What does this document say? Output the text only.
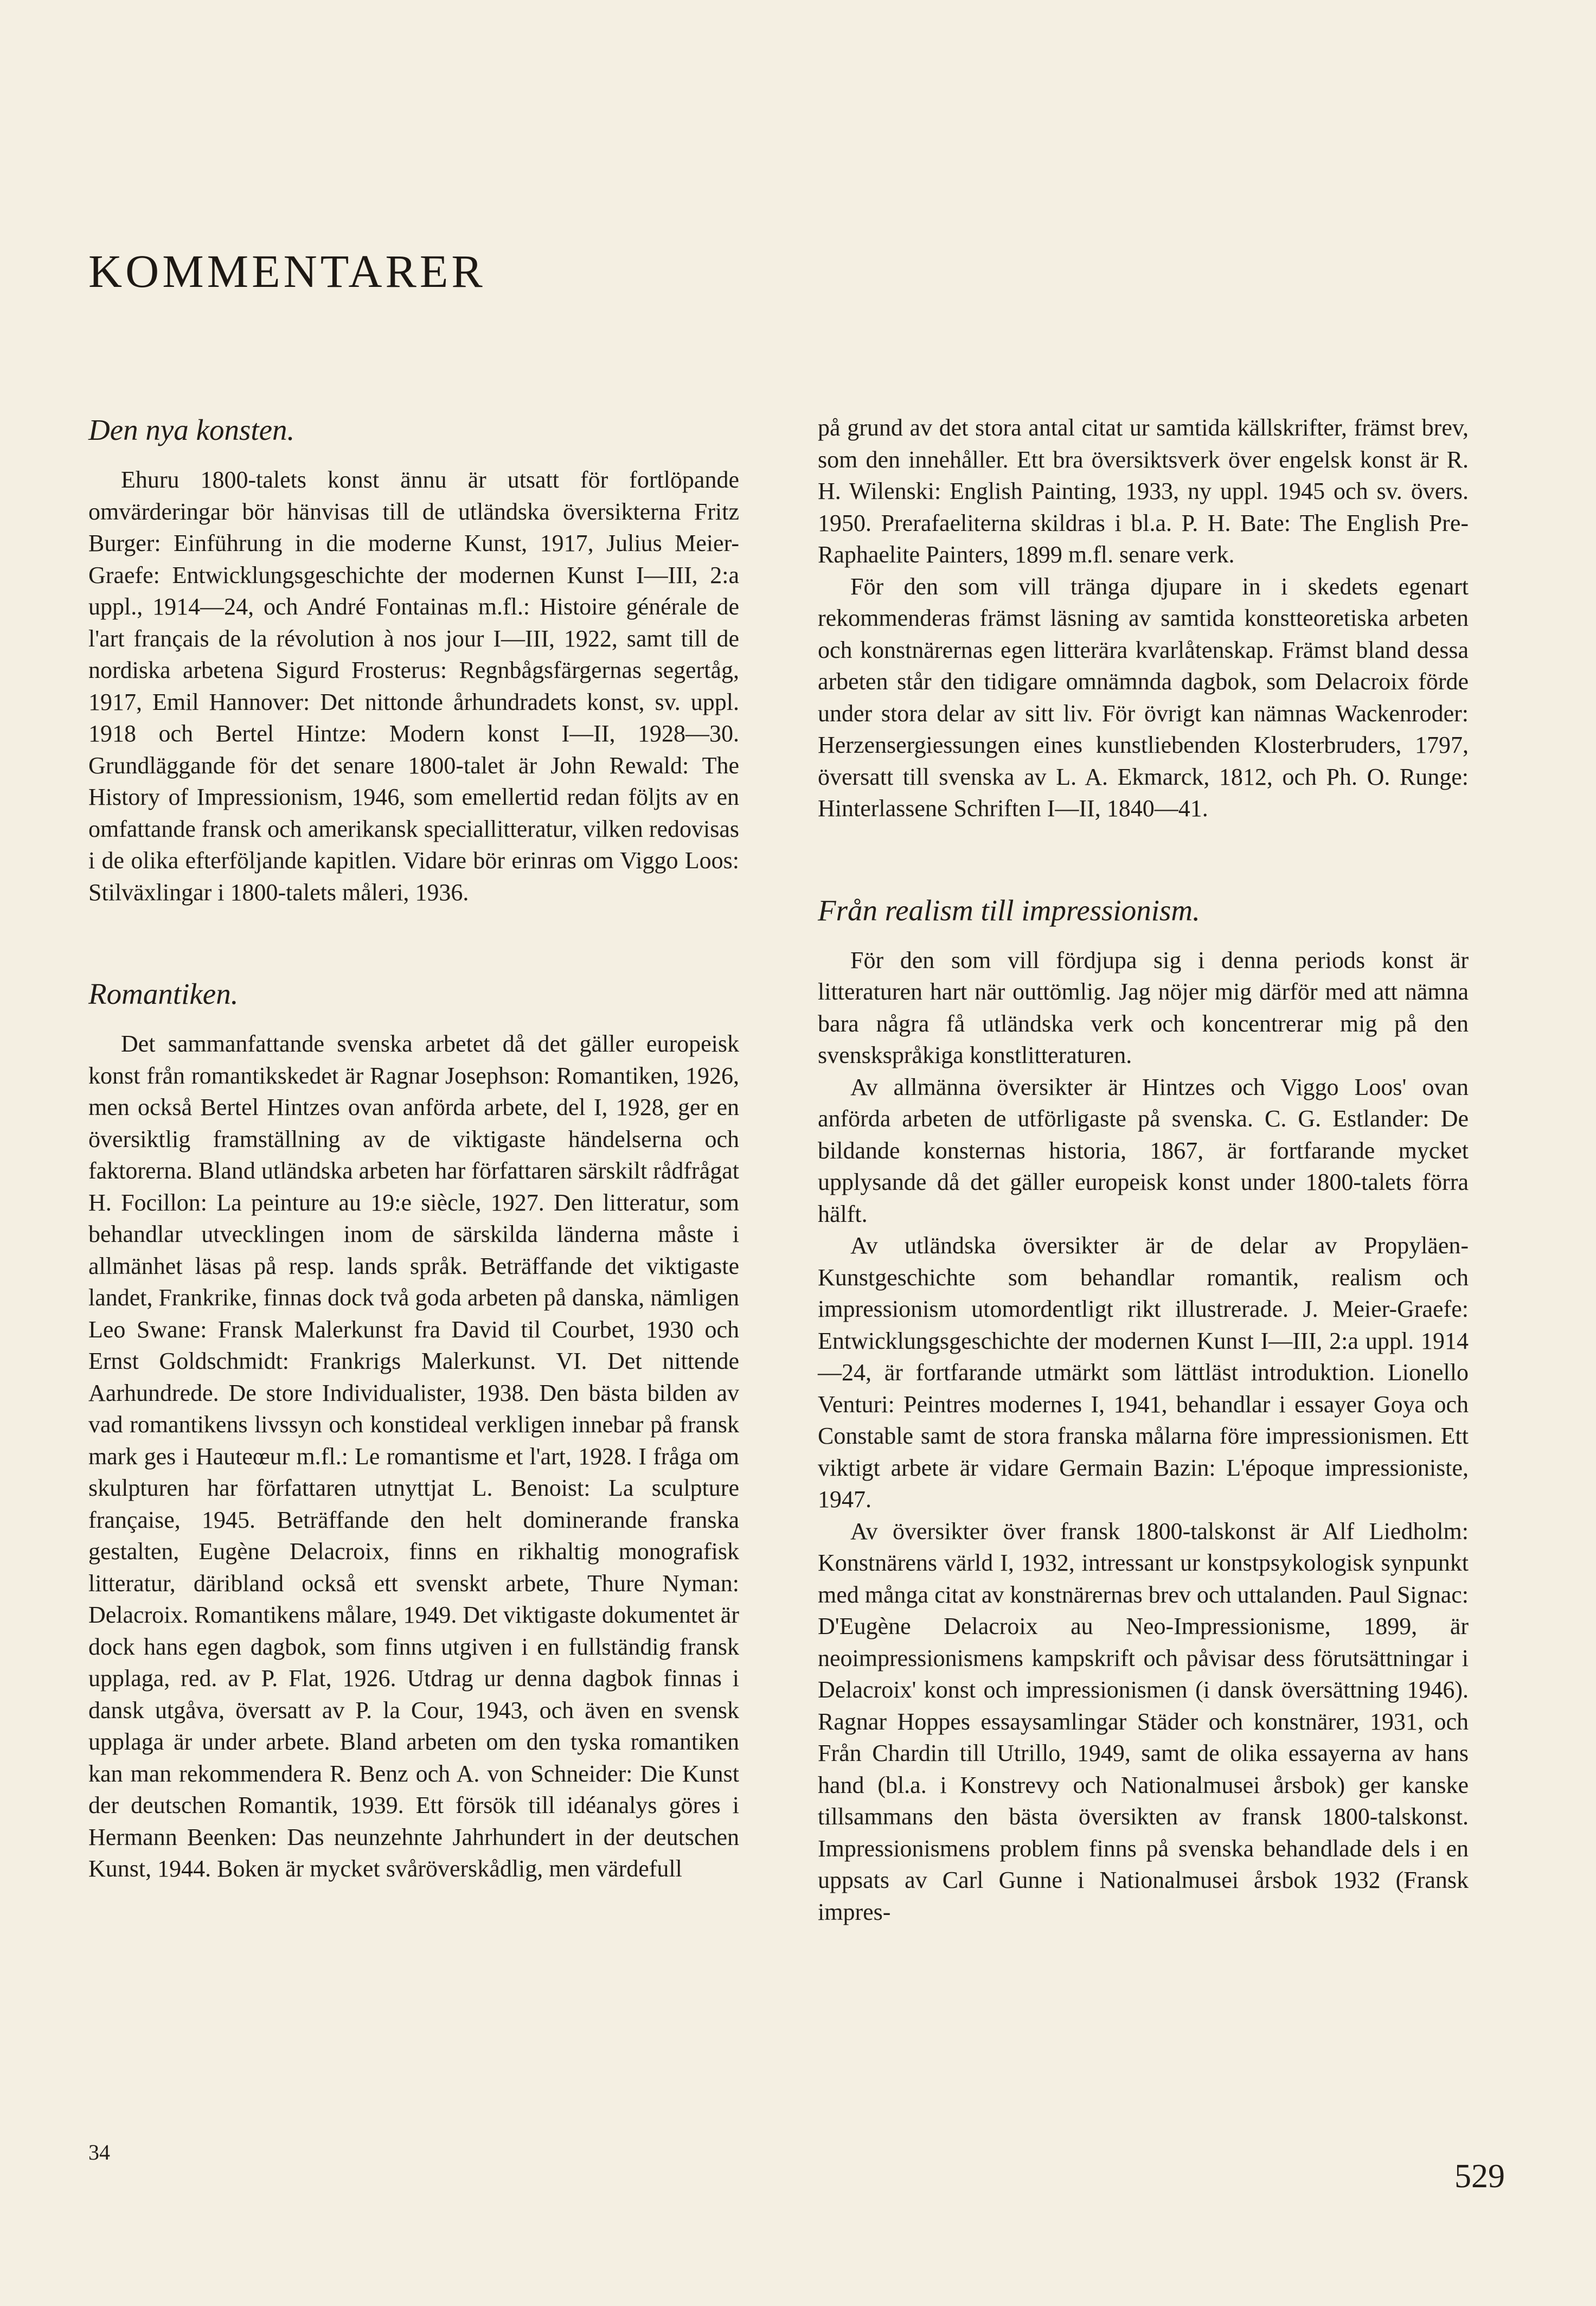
KOMMENTARER
Den nya konsten.

Ehuru 1800-talets konst ännu är utsatt för fortlöpande omvärderingar bör hänvisas till de utländska översikterna Fritz Burger: Einführung in die moderne Kunst, 1917, Julius Meier-Graefe: Entwicklungsgeschichte der modernen Kunst I—III, 2:a uppl., 1914—24, och André Fontainas m.fl.: Histoire générale de l'art français de la révolution à nos jour I—III, 1922, samt till de nordiska arbetena Sigurd Frosterus: Regnbågsfärgernas segertåg, 1917, Emil Hannover: Det nittonde århundradets konst, sv. uppl. 1918 och Bertel Hintze: Modern konst I—II, 1928—30. Grundläggande för det senare 1800-talet är John Rewald: The History of Impressionism, 1946, som emellertid redan följts av en omfattande fransk och amerikansk speciallitteratur, vilken redovisas i de olika efterföljande kapitlen. Vidare bör erinras om Viggo Loos: Stilväxlingar i 1800-talets måleri, 1936.

Romantiken.

Det sammanfattande svenska arbetet då det gäller europeisk konst från romantikskedet är Ragnar Josephson: Romantiken, 1926, men också Bertel Hintzes ovan anförda arbete, del I, 1928, ger en översiktlig framställning av de viktigaste händelserna och faktorerna. Bland utländska arbeten har författaren särskilt rådfrågat H. Focillon: La peinture au 19:e siècle, 1927. Den litteratur, som behandlar utvecklingen inom de särskilda länderna måste i allmänhet läsas på resp. lands språk. Beträffande det viktigaste landet, Frankrike, finnas dock två goda arbeten på danska, nämligen Leo Swane: Fransk Malerkunst fra David til Courbet, 1930 och Ernst Goldschmidt: Frankrigs Malerkunst. VI. Det nittende Aarhundrede. De store Individualister, 1938. Den bästa bilden av vad romantikens livssyn och konstideal verkligen innebar på fransk mark ges i Hauteœur m.fl.: Le romantisme et l'art, 1928. I fråga om skulpturen har författaren utnyttjat L. Benoist: La sculpture française, 1945. Beträffande den helt dominerande franska gestalten, Eugène Delacroix, finns en rikhaltig monografisk litteratur, däribland också ett svenskt arbete, Thure Nyman: Delacroix. Romantikens målare, 1949. Det viktigaste dokumentet är dock hans egen dagbok, som finns utgiven i en fullständig fransk upplaga, red. av P. Flat, 1926. Utdrag ur denna dagbok finnas i dansk utgåva, översatt av P. la Cour, 1943, och även en svensk upplaga är under arbete. Bland arbeten om den tyska romantiken kan man rekommendera R. Benz och A. von Schneider: Die Kunst der deutschen Romantik, 1939. Ett försök till idéanalys göres i Hermann Beenken: Das neunzehnte Jahrhundert in der deutschen Kunst, 1944. Boken är mycket svåröverskådlig, men värdefull

på grund av det stora antal citat ur samtida källskrifter, främst brev, som den innehåller. Ett bra översiktsverk över engelsk konst är R. H. Wilenski: English Painting, 1933, ny uppl. 1945 och sv. övers. 1950. Prerafaeliterna skildras i bl.a. P. H. Bate: The English Pre-Raphaelite Painters, 1899 m.fl. senare verk.

För den som vill tränga djupare in i skedets egenart rekommenderas främst läsning av samtida konstteoretiska arbeten och konstnärernas egen litterära kvarlåtenskap. Främst bland dessa arbeten står den tidigare omnämnda dagbok, som Delacroix förde under stora delar av sitt liv. För övrigt kan nämnas Wackenroder: Herzensergiessungen eines kunstliebenden Klosterbruders, 1797, översatt till svenska av L. A. Ekmarck, 1812, och Ph. O. Runge: Hinterlassene Schriften I—II, 1840—41.

Från realism till impressionism.

För den som vill fördjupa sig i denna periods konst är litteraturen hart när outtömlig. Jag nöjer mig därför med att nämna bara några få utländska verk och koncentrerar mig på den svenskspråkiga konstlitteraturen.

Av allmänna översikter är Hintzes och Viggo Loos' ovan anförda arbeten de utförligaste på svenska. C. G. Estlander: De bildande konsternas historia, 1867, är fortfarande mycket upplysande då det gäller europeisk konst under 1800-talets förra hälft.

Av utländska översikter är de delar av Propyläen-Kunstgeschichte som behandlar romantik, realism och impressionism utomordentligt rikt illustrerade. J. Meier-Graefe: Entwicklungsgeschichte der modernen Kunst I—III, 2:a uppl. 1914—24, är fortfarande utmärkt som lättläst introduktion. Lionello Venturi: Peintres modernes I, 1941, behandlar i essayer Goya och Constable samt de stora franska målarna före impressionismen. Ett viktigt arbete är vidare Germain Bazin: L'époque impressioniste, 1947.

Av översikter över fransk 1800-talskonst är Alf Liedholm: Konstnärens värld I, 1932, intressant ur konstpsykologisk synpunkt med många citat av konstnärernas brev och uttalanden. Paul Signac: D'Eugène Delacroix au Neo-Impressionisme, 1899, är neoimpressionismens kampskrift och påvisar dess förutsättningar i Delacroix' konst och impressionismen (i dansk översättning 1946). Ragnar Hoppes essaysamlingar Städer och konstnärer, 1931, och Från Chardin till Utrillo, 1949, samt de olika essayerna av hans hand (bl.a. i Konstrevy och Nationalmusei årsbok) ger kanske tillsammans den bästa översikten av fransk 1800-talskonst. Impressionismens problem finns på svenska behandlade dels i en uppsats av Carl Gunne i Nationalmusei årsbok 1932 (Fransk impres-

34

529
